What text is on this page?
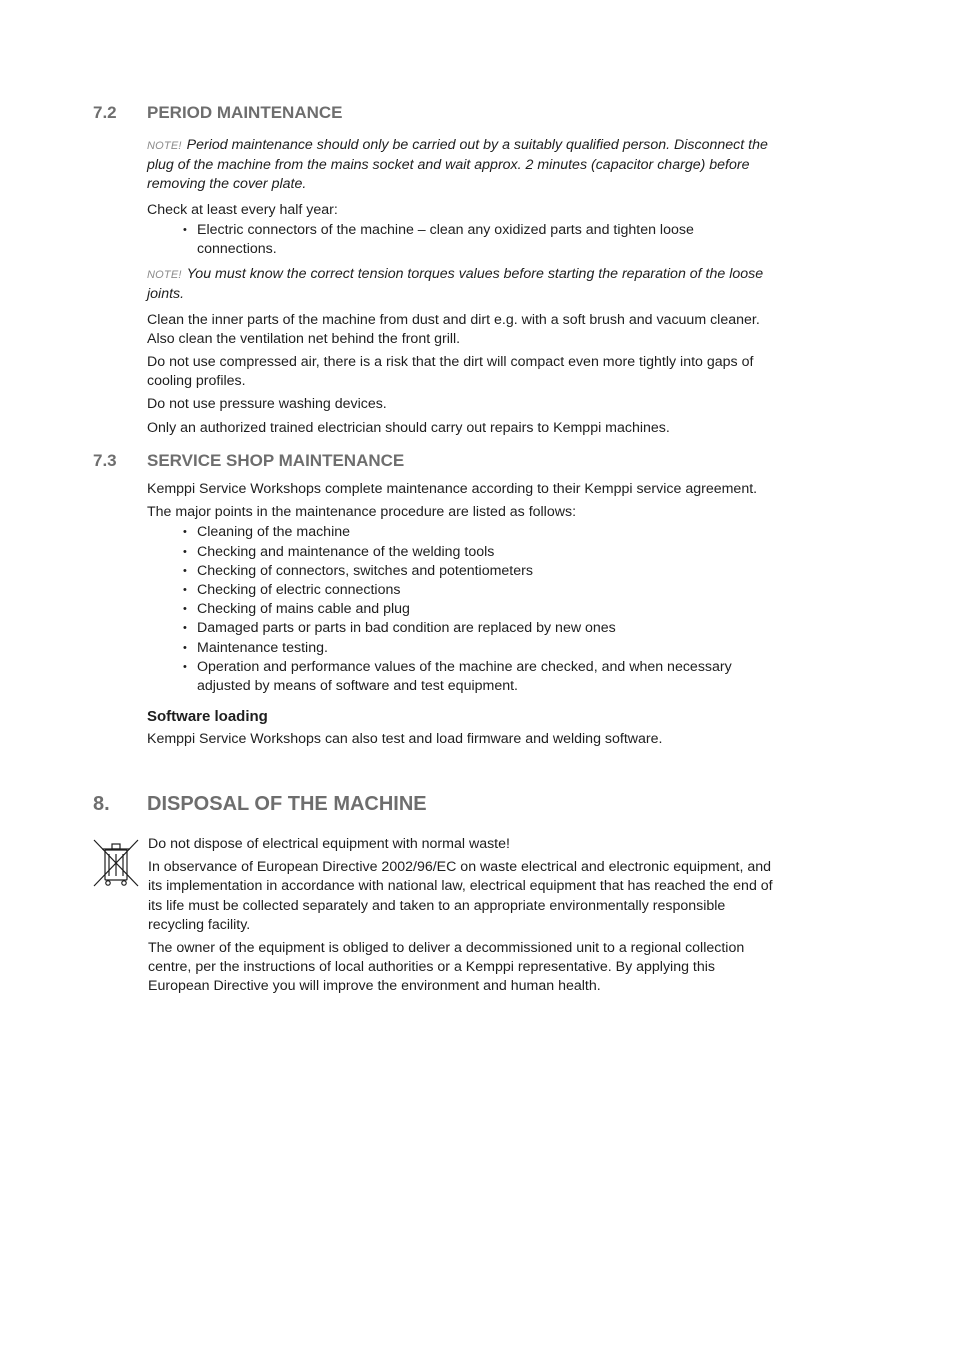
7.2 PERIOD MAINTENANCE

NOTE! Period maintenance should only be carried out by a suitably qualified person. Disconnect the plug of the machine from the mains socket and wait approx. 2 minutes (capacitor charge) before removing the cover plate.

Check at least every half year:

• Electric connectors of the machine – clean any oxidized parts and tighten loose connections.

NOTE! You must know the correct tension torques values before starting the reparation of the loose joints.

Clean the inner parts of the machine from dust and dirt e.g. with a soft brush and vacuum cleaner. Also clean the ventilation net behind the front grill.

Do not use compressed air, there is a risk that the dirt will compact even more tightly into gaps of cooling profiles.

Do not use pressure washing devices.

Only an authorized trained electrician should carry out repairs to Kemppi machines.

7.3 SERVICE SHOP MAINTENANCE

Kemppi Service Workshops complete maintenance according to their Kemppi service agreement.

The major points in the maintenance procedure are listed as follows:

• Cleaning of the machine
• Checking and maintenance of the welding tools
• Checking of connectors, switches and potentiometers
• Checking of electric connections
• Checking of mains cable and plug
• Damaged parts or parts in bad condition are replaced by new ones
• Maintenance testing.
• Operation and performance values of the machine are checked, and when necessary adjusted by means of software and test equipment.

Software loading

Kemppi Service Workshops can also test and load firmware and welding software.

8. DISPOSAL OF THE MACHINE

Do not dispose of electrical equipment with normal waste!

In observance of European Directive 2002/96/EC on waste electrical and electronic equipment, and its implementation in accordance with national law, electrical equipment that has reached the end of its life must be collected separately and taken to an appropriate environmentally responsible recycling facility.

The owner of the equipment is obliged to deliver a decommissioned unit to a regional collection centre, per the instructions of local authorities or a Kemppi representative. By applying this European Directive you will improve the environment and human health.
